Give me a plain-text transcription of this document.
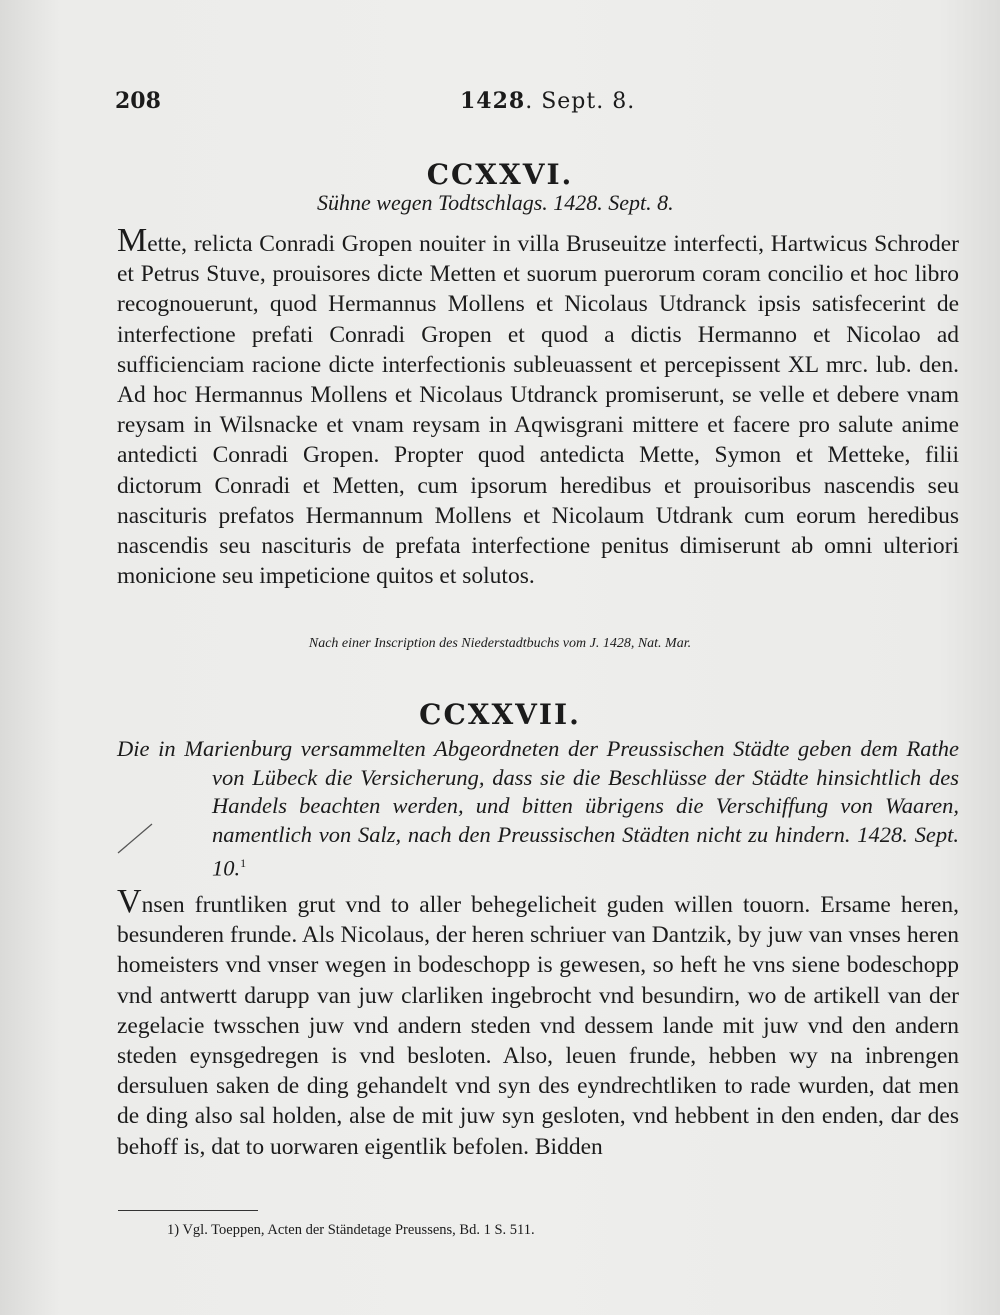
208	1428. Sept. 8.
CCXXVI.
Sühne wegen Todtschlags. 1428. Sept. 8.
Mette, relicta Conradi Gropen nouiter in villa Bruseuitze interfecti, Hartwicus Schroder et Petrus Stuve, prouisores dicte Metten et suorum puerorum coram concilio et hoc libro recognouerunt, quod Hermannus Mollens et Nicolaus Utdranck ipsis satisfecerint de interfectione prefati Conradi Gropen et quod a dictis Hermanno et Nicolao ad sufficienciam racione dicte interfectionis subleuassent et percepissent XL mrc. lub. den. Ad hoc Hermannus Mollens et Nicolaus Utdranck promiserunt, se velle et debere vnam reysam in Wilsnacke et vnam reysam in Aqwisgrani mittere et facere pro salute anime antedicti Conradi Gropen. Propter quod antedicta Mette, Symon et Metteke, filii dictorum Conradi et Metten, cum ipsorum heredibus et prouisoribus nascendis seu nascituris prefatos Hermannum Mollens et Nicolaum Utdrank cum eorum heredibus nascendis seu nascituris de prefata interfectione penitus dimiserunt ab omni ulteriori monicione seu impeticione quitos et solutos.
Nach einer Inscription des Niederstadtbuchs vom J. 1428, Nat. Mar.
CCXXVII.
Die in Marienburg versammelten Abgeordneten der Preussischen Städte geben dem Rathe von Lübeck die Versicherung, dass sie die Beschlüsse der Städte hinsichtlich des Handels beachten werden, und bitten übrigens die Verschiffung von Waaren, namentlich von Salz, nach den Preussischen Städten nicht zu hindern. 1428. Sept. 10.$^1$
Vnsen fruntliken grut vnd to aller behegelicheit guden willen touorn. Ersame heren, besunderen frunde. Als Nicolaus, der heren schriuer van Dantzik, by juw van vnses heren homeisters vnd vnser wegen in bodeschopp is gewesen, so heft he vns siene bodeschopp vnd antwertt darupp van juw clarliken ingebrocht vnd besundirn, wo de artikell van der zegelacie twsschen juw vnd andern steden vnd dessem lande mit juw vnd den andern steden eynsgedregen is vnd besloten. Also, leuen frunde, hebben wy na inbrengen dersuluen saken de ding gehandelt vnd syn des eyndrechtliken to rade wurden, dat men de ding also sal holden, alse de mit juw syn gesloten, vnd hebbent in den enden, dar des behoff is, dat to uorwaren eigentlik befolen. Bidden
1) Vgl. Toeppen, Acten der Ständetage Preussens, Bd. 1 S. 511.
